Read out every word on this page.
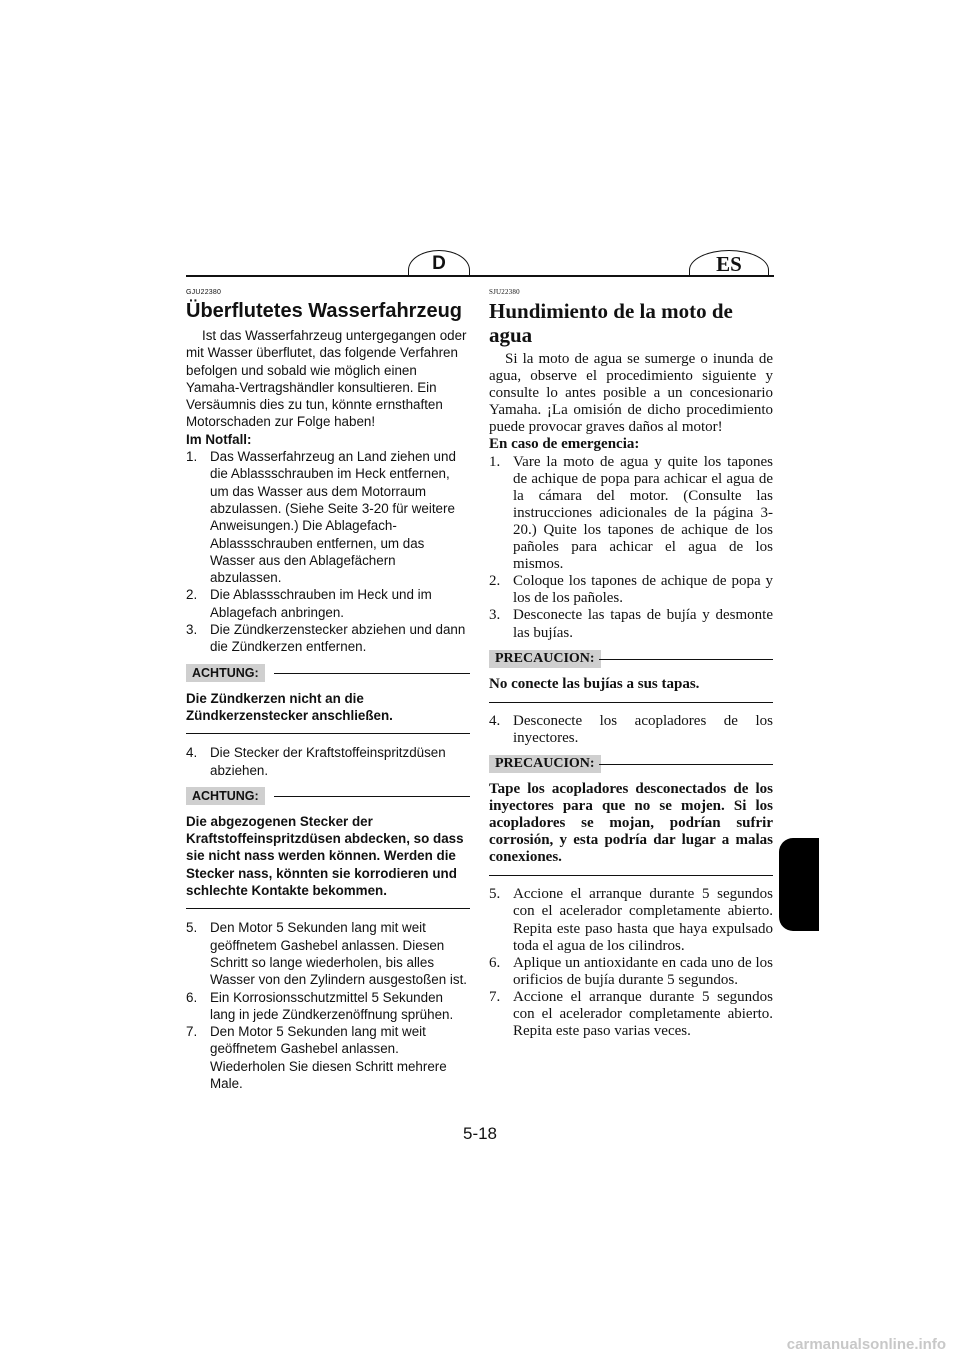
D	ES
GJU22380
Überflutetes Wasserfahrzeug

Ist das Wasserfahrzeug untergegangen oder mit Wasser überflutet, das folgende Verfahren befolgen und sobald wie möglich einen Yamaha-Vertragshändler konsultieren. Ein Versäumnis dies zu tun, könnte ernsthaften Motorschaden zur Folge haben!

Im Notfall:
1. Das Wasserfahrzeug an Land ziehen und die Ablassschrauben im Heck entfernen, um das Wasser aus dem Motorraum abzulassen. (Siehe Seite 3-20 für weitere Anweisungen.) Die Ablagefach-Ablassschrauben entfernen, um das Wasser aus den Ablagefächern abzulassen.
2. Die Ablassschrauben im Heck und im Ablagefach anbringen.
3. Die Zündkerzenstecker abziehen und dann die Zündkerzen entfernen.
ACHTUNG:
Die Zündkerzen nicht an die Zündkerzenstecker anschließen.
4. Die Stecker der Kraftstoffeinspritzdüsen abziehen.
ACHTUNG:
Die abgezogenen Stecker der Kraftstoffeinspritzdüsen abdecken, so dass sie nicht nass werden können. Werden die Stecker nass, könnten sie korrodieren und schlechte Kontakte bekommen.
5. Den Motor 5 Sekunden lang mit weit geöffnetem Gashebel anlassen. Diesen Schritt so lange wiederholen, bis alles Wasser von den Zylindern ausgestoßen ist.
6. Ein Korrosionsschutzmittel 5 Sekunden lang in jede Zündkerzenöffnung sprühen.
7. Den Motor 5 Sekunden lang mit weit geöffnetem Gashebel anlassen. Wiederholen Sie diesen Schritt mehrere Male.
SJU22380
Hundimiento de la moto de agua

Si la moto de agua se sumerge o inunda de agua, observe el procedimiento siguiente y consulte lo antes posible a un concesionario Yamaha. ¡La omisión de dicho procedimiento puede provocar graves daños al motor!

En caso de emergencia:
1. Vare la moto de agua y quite los tapones de achique de popa para achicar el agua de la cámara del motor. (Consulte las instrucciones adicionales de la página 3-20.) Quite los tapones de achique de los pañoles para achicar el agua de los mismos.
2. Coloque los tapones de achique de popa y los de los pañoles.
3. Desconecte las tapas de bujía y desmonte las bujías.
PRECAUCION:
No conecte las bujías a sus tapas.
4. Desconecte los acopladores de los inyectores.
PRECAUCION:
Tape los acopladores desconectados de los inyectores para que no se mojen. Si los acopladores se mojan, podrían sufrir corrosión, y esta podría dar lugar a malas conexiones.
5. Accione el arranque durante 5 segundos con el acelerador completamente abierto. Repita este paso hasta que haya expulsado toda el agua de los cilindros.
6. Aplique un antioxidante en cada uno de los orificios de bujía durante 5 segundos.
7. Accione el arranque durante 5 segundos con el acelerador completamente abierto. Repita este paso varias veces.
5-18
carmanualsonline.info
